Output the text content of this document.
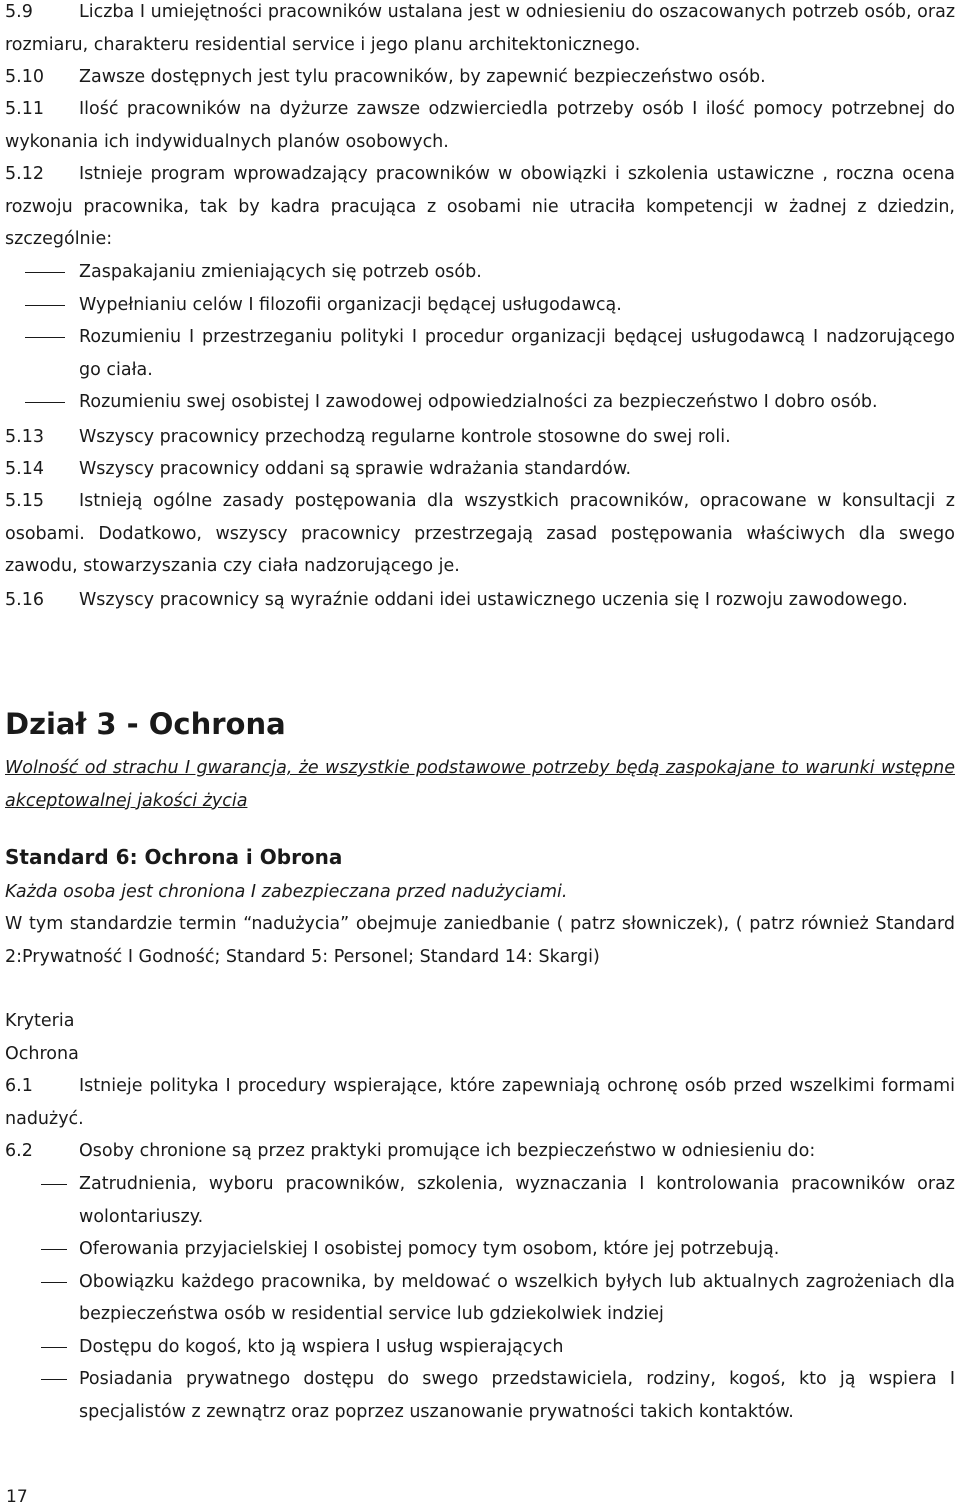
5.9	Liczba I umiejętności pracowników ustalana jest w odniesieniu do oszacowanych potrzeb osób, oraz rozmiaru, charakteru residential service i jego planu architektonicznego.

5.10 Zawsze dostępnych jest tylu pracowników, by zapewnić bezpieczeństwo osób.

5.11 Ilość pracowników na dyżurze zawsze odzwierciedla potrzeby osób I ilość pomocy potrzebnej do wykonania ich indywidualnych planów osobowych.

5.12 Istnieje program wprowadzający pracowników w obowiązki i szkolenia ustawiczne , roczna ocena rozwoju pracownika, tak by kadra pracująca z osobami nie utraciła kompetencji w żadnej z dziedzin, szczególnie:

Zaspakajaniu zmieniających się potrzeb osób.

Wypełnianiu celów I filozofii organizacji będącej usługodawcą.

Rozumieniu I przestrzeganiu polityki I procedur organizacji będącej usługodawcą I nadzorującego go ciała.

Rozumieniu swej osobistej I zawodowej odpowiedzialności za bezpieczeństwo I dobro osób.

5.13 Wszyscy pracownicy przechodzą regularne kontrole stosowne do swej roli.

5.14 Wszyscy pracownicy oddani są sprawie wdrażania standardów.

5.15 Istnieją ogólne zasady postępowania dla wszystkich pracowników, opracowane w konsultacji z osobami. Dodatkowo, wszyscy pracownicy przestrzegają zasad postępowania właściwych dla swego zawodu, stowarzyszania czy ciała nadzorującego je.

5.16 Wszyscy pracownicy są wyraźnie oddani idei ustawicznego uczenia się I rozwoju zawodowego.

Dział 3 - Ochrona

Wolność od strachu I gwarancja, że wszystkie podstawowe potrzeby będą zaspokajane to warunki wstępne akceptowalnej jakości życia

Standard 6: Ochrona i Obrona

Każda osoba jest chroniona I zabezpieczana przed nadużyciami.

W tym standardzie termin “nadużycia” obejmuje zaniedbanie ( patrz słowniczek), ( patrz również Standard 2:Prywatność I Godność; Standard 5: Personel; Standard 14: Skargi)

Kryteria

Ochrona

6.1	Istnieje polityka I procedury wspierające, które zapewniają ochronę osób przed wszelkimi formami nadużyć.

6.2	Osoby chronione są przez praktyki promujące ich bezpieczeństwo w odniesieniu do:

Zatrudnienia, wyboru pracowników, szkolenia, wyznaczania I kontrolowania pracowników oraz wolontariuszy.

Oferowania przyjacielskiej I osobistej pomocy tym osobom, które jej potrzebują.

Obowiązku każdego pracownika, by meldować o wszelkich byłych lub aktualnych zagrożeniach dla bezpieczeństwa osób w residential service lub gdziekolwiek indziej

Dostępu do kogoś, kto ją wspiera I usług wspierających

Posiadania prywatnego dostępu do swego przedstawiciela, rodziny, kogoś, kto ją wspiera I specjalistów z zewnątrz oraz poprzez uszanowanie prywatności takich kontaktów.

17
